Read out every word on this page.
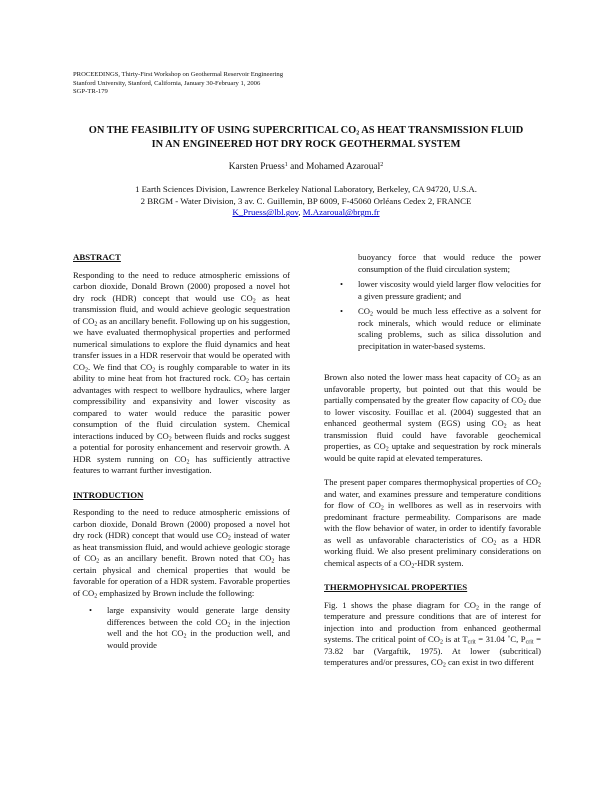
PROCEEDINGS, Thirty-First Workshop on Geothermal Reservoir Engineering
Stanford University, Stanford, California, January 30-February 1, 2006
SGP-TR-179
ON THE FEASIBILITY OF USING SUPERCRITICAL $CO_2$ AS HEAT TRANSMISSION FLUID
IN AN ENGINEERED HOT DRY ROCK GEOTHERMAL SYSTEM
Karsten Pruess$^1$ and Mohamed Azaroual$^2$
1 Earth Sciences Division, Lawrence Berkeley National Laboratory, Berkeley, CA 94720, U.S.A.
2 BRGM - Water Division, 3 av. C. Guillemin, BP 6009, F-45060 Orléans Cedex 2, FRANCE
K_Pruess@lbl.gov, M.Azaroual@brgm.fr
ABSTRACT

Responding to the need to reduce atmospheric emissions of carbon dioxide, Donald Brown (2000) proposed a novel hot dry rock (HDR) concept that would use $CO_2$ as heat transmission fluid, and would achieve geologic sequestration of $CO_2$ as an ancillary benefit. Following up on his suggestion, we have evaluated thermophysical properties and performed numerical simulations to explore the fluid dynamics and heat transfer issues in a HDR reservoir that would be operated with $CO_2$. We find that $CO_2$ is roughly comparable to water in its ability to mine heat from hot fractured rock. $CO_2$ has certain advantages with respect to wellbore hydraulics, where larger compressibility and expansivity and lower viscosity as compared to water would reduce the parasitic power consumption of the fluid circulation system. Chemical interactions induced by $CO_2$ between fluids and rocks suggest a potential for porosity enhancement and reservoir growth. A HDR system running on $CO_2$ has sufficiently attractive features to warrant further investigation.

INTRODUCTION

Responding to the need to reduce atmospheric emissions of carbon dioxide, Donald Brown (2000) proposed a novel hot dry rock (HDR) concept that would use $CO_2$ instead of water as heat transmission fluid, and would achieve geologic storage of $CO_2$ as an ancillary benefit. Brown noted that $CO_2$ has certain physical and chemical properties that would be favorable for operation of a HDR system. Favorable properties of $CO_2$ emphasized by Brown include the following:

• large expansivity would generate large density differences between the cold $CO_2$ in the injection well and the hot $CO_2$ in the production well, and would provide
buoyancy force that would reduce the power consumption of the fluid circulation system;
• lower viscosity would yield larger flow velocities for a given pressure gradient; and
• $CO_2$ would be much less effective as a solvent for rock minerals, which would reduce or eliminate scaling problems, such as silica dissolution and precipitation in water-based systems.

Brown also noted the lower mass heat capacity of $CO_2$ as an unfavorable property, but pointed out that this would be partially compensated by the greater flow capacity of $CO_2$ due to lower viscosity. Fouillac et al. (2004) suggested that an enhanced geothermal system (EGS) using $CO_2$ as heat transmission fluid could have favorable geochemical properties, as $CO_2$ uptake and sequestration by rock minerals would be quite rapid at elevated temperatures.

The present paper compares thermophysical properties of $CO_2$ and water, and examines pressure and temperature conditions for flow of $CO_2$ in wellbores as well as in reservoirs with predominant fracture permeability. Comparisons are made with the flow behavior of water, in order to identify favorable as well as unfavorable characteristics of $CO_2$ as a HDR working fluid. We also present preliminary considerations on chemical aspects of a $CO_2$-HDR system.

THERMOPHYSICAL PROPERTIES

Fig. 1 shows the phase diagram for $CO_2$ in the range of temperature and pressure conditions that are of interest for injection into and production from enhanced geothermal systems. The critical point of $CO_2$ is at $T_{crit} = 31.04$ ˚C, $P_{crit} = 73.82$ bar (Vargaftik, 1975). At lower (subcritical) temperatures and/or pressures, $CO_2$ can exist in two different
